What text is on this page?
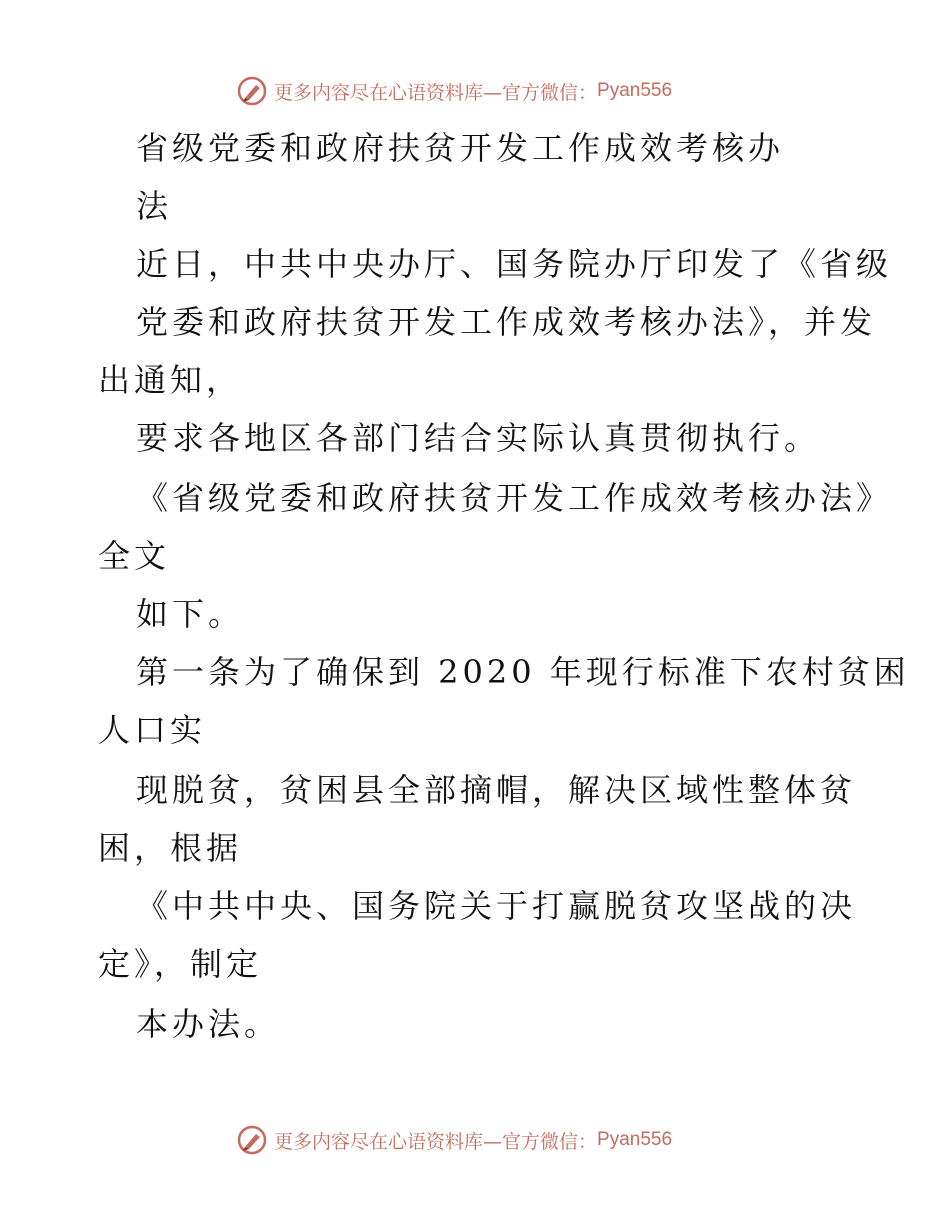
更多内容尽在心语资料库—官方微信： Pyan556
省级党委和政府扶贫开发工作成效考核办
法
近日，中共中央办厅、国务院办厅印发了《省级
党委和政府扶贫开发工作成效考核办法》，并发
出通知，
要求各地区各部门结合实际认真贯彻执行。
《省级党委和政府扶贫开发工作成效考核办法》
全文
如下。
第一条为了确保到 2020 年现行标准下农村贫困
人口实
现脱贫，贫困县全部摘帽，解决区域性整体贫
困，根据
《中共中央、国务院关于打赢脱贫攻坚战的决
定》，制定
本办法。
更多内容尽在心语资料库—官方微信： Pyan556
